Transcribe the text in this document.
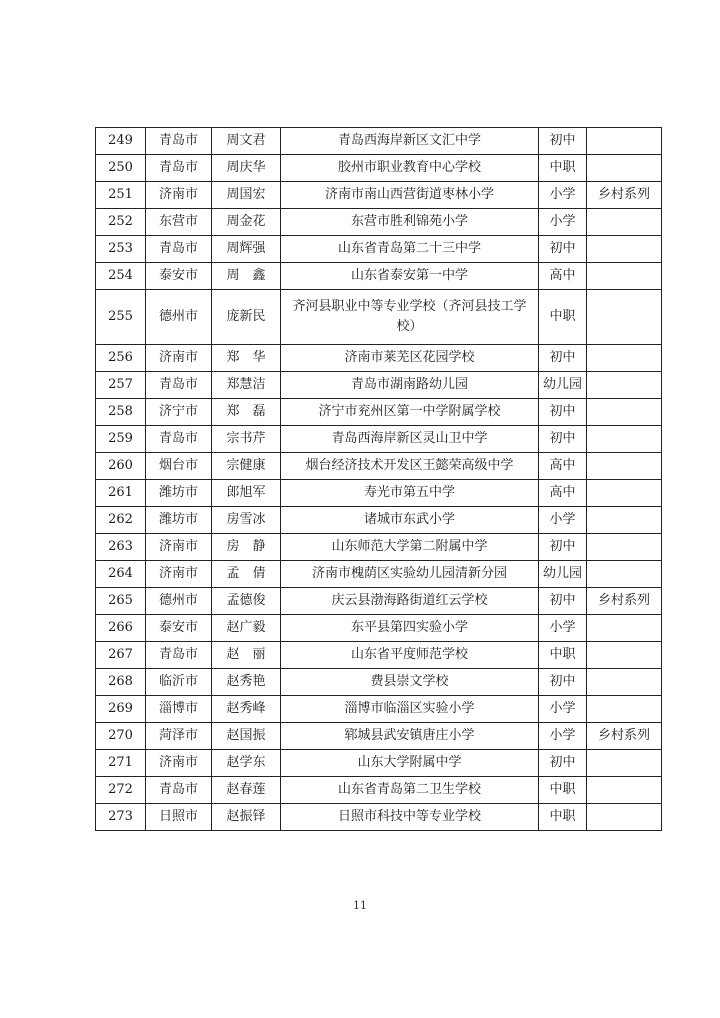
249	青岛市	周文君	青岛西海岸新区文汇中学	初中	
250	青岛市	周庆华	胶州市职业教育中心学校	中职	
251	济南市	周国宏	济南市南山西营街道枣林小学	小学	乡村系列
252	东营市	周金花	东营市胜利锦苑小学	小学	
253	青岛市	周辉强	山东省青岛第二十三中学	初中	
254	泰安市	周　鑫	山东省泰安第一中学	高中	
255	德州市	庞新民	齐河县职业中等专业学校（齐河县技工学校）	中职	
256	济南市	郑　华	济南市莱芜区花园学校	初中	
257	青岛市	郑慧洁	青岛市湖南路幼儿园	幼儿园	
258	济宁市	郑　磊	济宁市兖州区第一中学附属学校	初中	
259	青岛市	宗书芹	青岛西海岸新区灵山卫中学	初中	
260	烟台市	宗健康	烟台经济技术开发区王懿荣高级中学	高中	
261	潍坊市	郎旭军	寿光市第五中学	高中	
262	潍坊市	房雪冰	诸城市东武小学	小学	
263	济南市	房　静	山东师范大学第二附属中学	初中	
264	济南市	孟　倩	济南市槐荫区实验幼儿园清新分园	幼儿园	
265	德州市	孟德俊	庆云县渤海路街道红云学校	初中	乡村系列
266	泰安市	赵广毅	东平县第四实验小学	小学	
267	青岛市	赵　丽	山东省平度师范学校	中职	
268	临沂市	赵秀艳	费县崇文学校	初中	
269	淄博市	赵秀峰	淄博市临淄区实验小学	小学	
270	菏泽市	赵国振	郓城县武安镇唐庄小学	小学	乡村系列
271	济南市	赵学东	山东大学附属中学	初中	
272	青岛市	赵春莲	山东省青岛第二卫生学校	中职	
273	日照市	赵振铎	日照市科技中等专业学校	中职	
11
